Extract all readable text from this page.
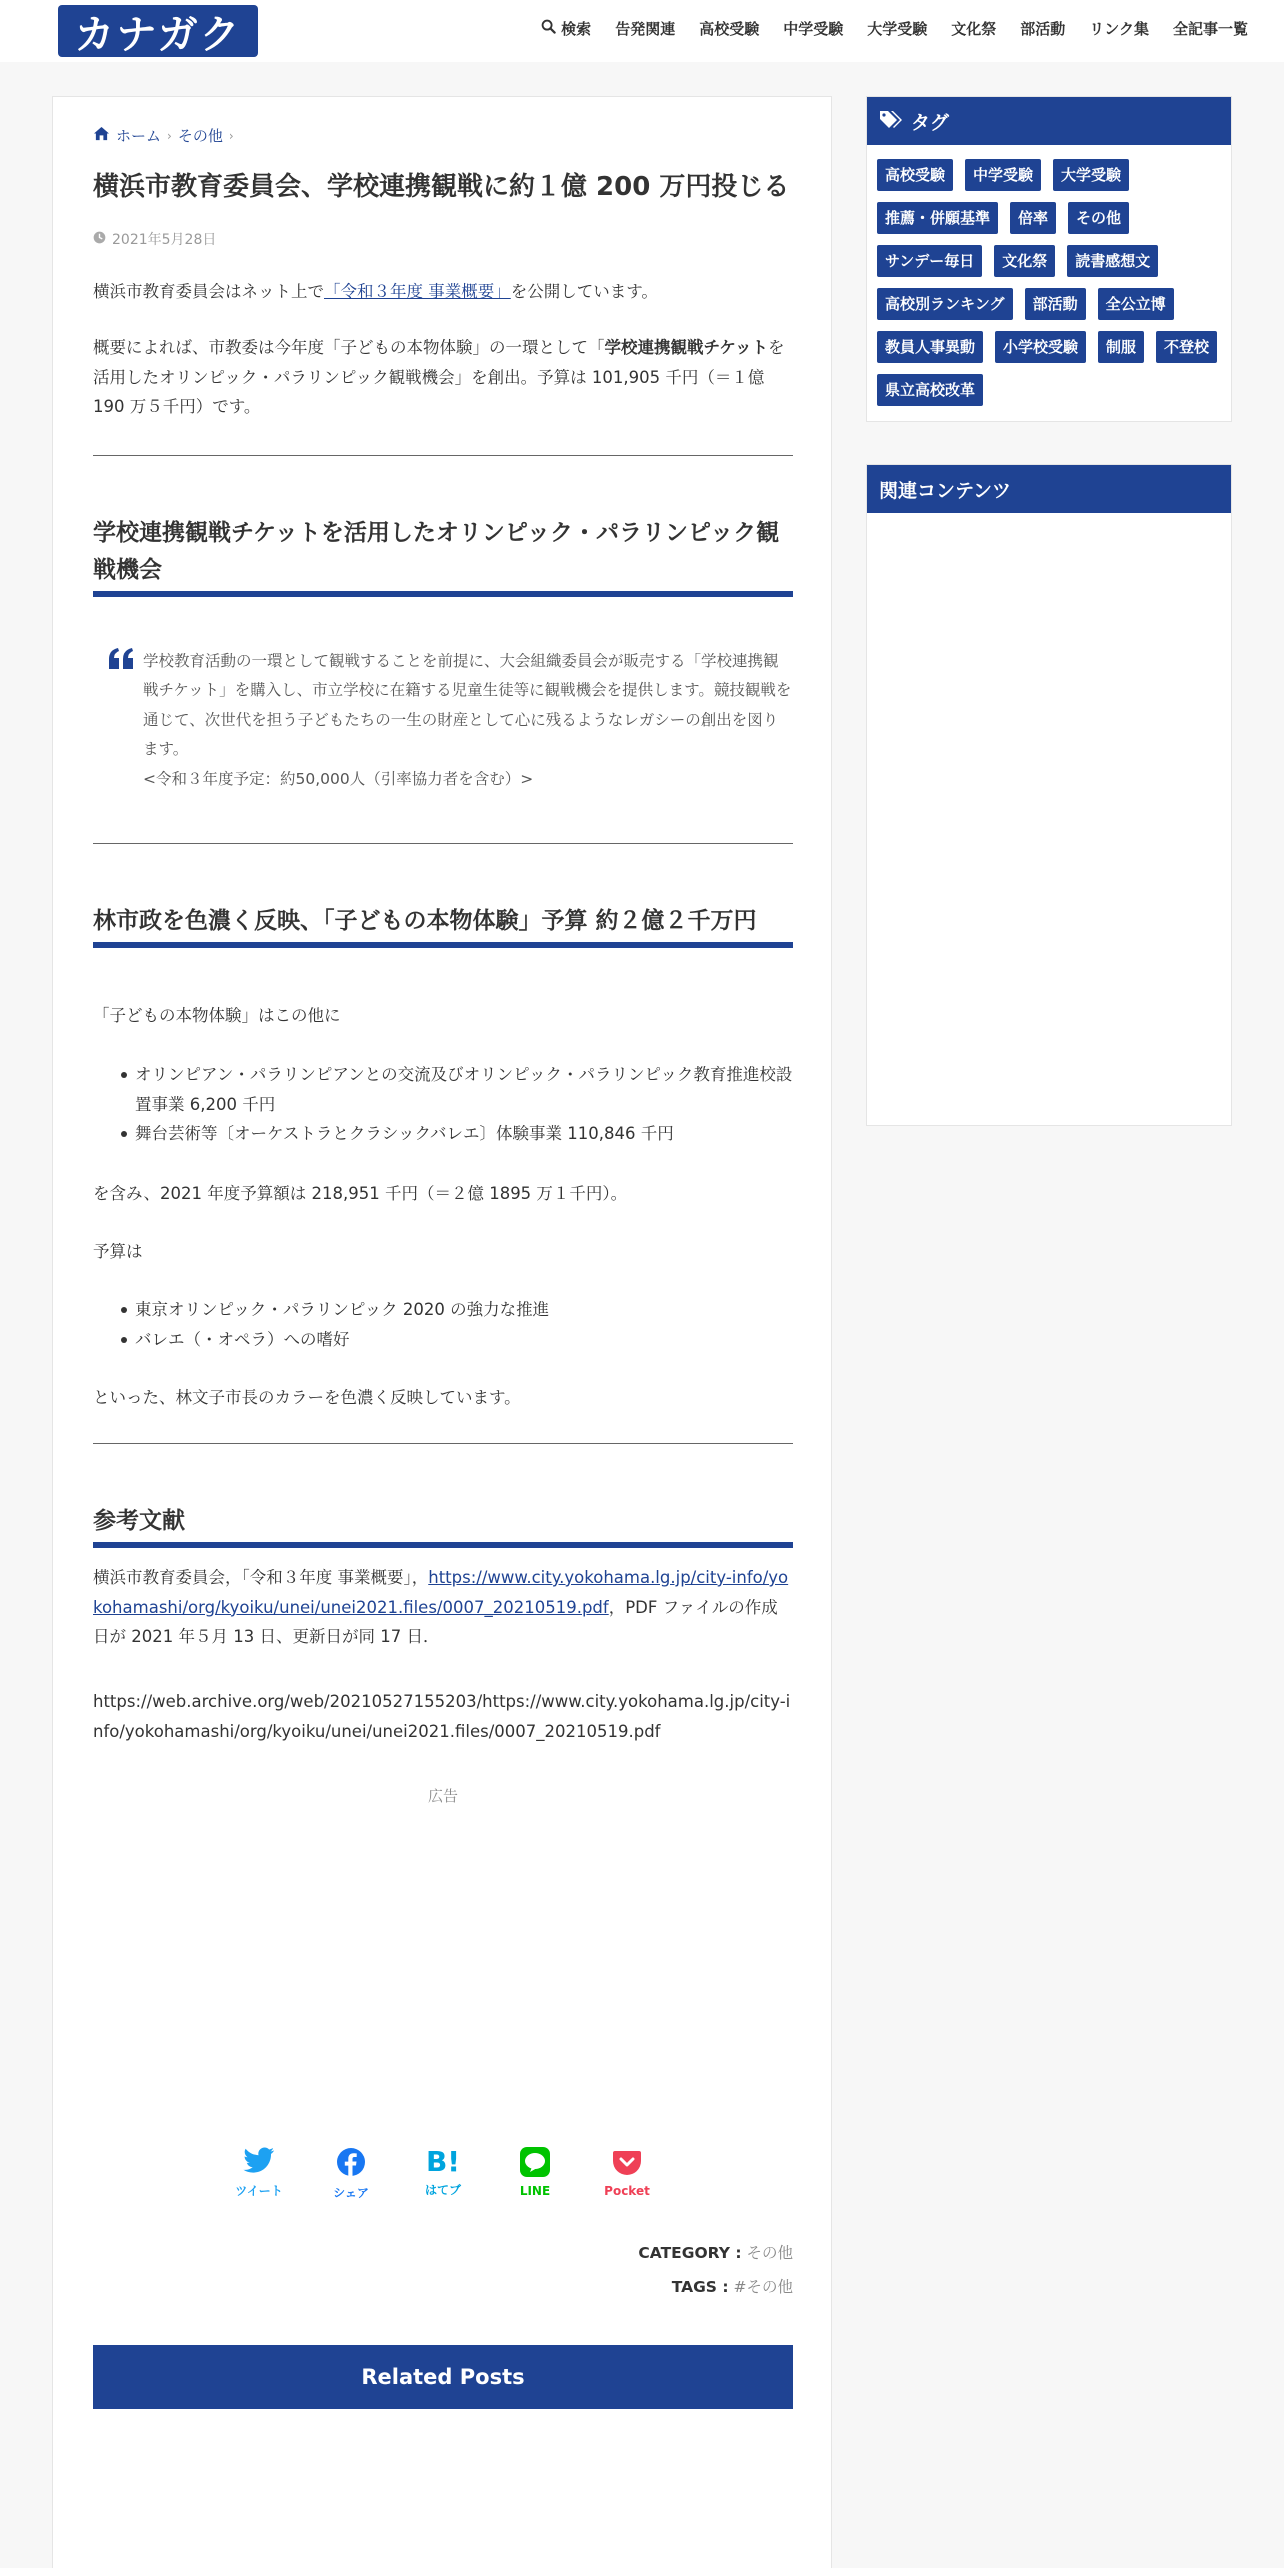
カナガク	検索 告発関連 高校受験 中学受験 大学受験 文化祭 部活動 リンク集 全記事一覧
ホーム › その他 ›
横浜市教育委員会、学校連携観戦に約１億 200 万円投じる
2021年5月28日

横浜市教育委員会はネット上で「令和３年度 事業概要」を公開しています。

概要によれば、市教委は今年度「子どもの本物体験」の一環として「学校連携観戦チケットを活用したオリンピック・パラリンピック観戦機会」を創出。予算は 101,905 千円（＝１億 190 万５千円）です。

学校連携観戦チケットを活用したオリンピック・パラリンピック観戦機会
学校教育活動の一環として観戦することを前提に、大会組織委員会が販売する「学校連携観戦チケット」を購入し、市立学校に在籍する児童生徒等に観戦機会を提供します。競技観戦を通じて、次世代を担う子どもたちの一生の財産として心に残るようなレガシーの創出を図ります。
<令和３年度予定：約50,000人（引率協力者を含む）>
林市政を色濃く反映、「子どもの本物体験」予算 約２億２千万円

「子どもの本物体験」はこの他に

オリンピアン・パラリンピアンとの交流及びオリンピック・パラリンピック教育推進校設置事業 6,200 千円
舞台芸術等〔オーケストラとクラシックバレエ〕体験事業 110,846 千円

を含み、2021 年度予算額は 218,951 千円（＝２億 1895 万１千円）。

予算は

東京オリンピック・パラリンピック 2020 の強力な推進
バレエ（・オペラ）への嗜好

といった、林文子市長のカラーを色濃く反映しています。

参考文献

横浜市教育委員会，「令和３年度 事業概要」，https://www.city.yokohama.lg.jp/city-info/yokohamashi/org/kyoiku/unei/unei2021.files/0007_20210519.pdf，PDF ファイルの作成日が 2021 年５月 13 日、更新日が同 17 日．

https://web.archive.org/web/20210527155203/https://www.city.yokohama.lg.jp/city-info/yokohamashi/org/kyoiku/unei/unei2021.files/0007_20210519.pdf

広告
ツイート	シェア
B!
はてブ	LINE	Pocket
CATEGORY : その他
TAGS : #その他
Related Posts
タグ
高校受験	中学受験	大学受験
推薦・併願基準	倍率	その他
サンデー毎日	文化祭	読書感想文
高校別ランキング	部活動	全公立博
教員人事異動	小学校受験	制服	不登校
県立高校改革
関連コンテンツ
